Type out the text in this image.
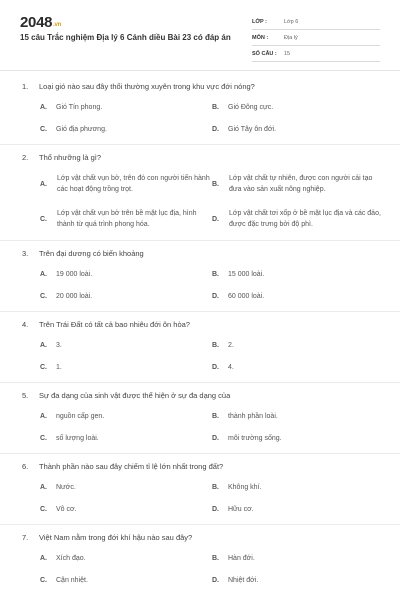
2048.vn
15 câu Trắc nghiệm Địa lý 6 Cánh diều Bài 23 có đáp án
LỚP :	Lớp 6
MÔN :	Địa lý
SỐ CÂU :	15
1. Loại gió nào sau đây thổi thường xuyên trong khu vực đới nóng?
A. Gió Tín phong.	B. Gió Đông cực.
C. Gió địa phương.	D. Gió Tây ôn đới.
2. Thổ nhưỡng là gì?
A.
Lớp vật chất vụn bở, trên đó con người tiến hành các hoạt động trồng trọt.
B.
Lớp vật chất tự nhiên, được con người cải tạo đưa vào sản xuất nông nghiệp.
C.
Lớp vật chất vụn bở trên bề mặt lục địa, hình thành từ quá trình phong hóa.
D.
Lớp vật chất tơi xốp ở bề mặt lục địa và các đảo, được đặc trưng bởi độ phì.
3. Trên đại dương có biến khoảng
A. 19 000 loài.	B. 15 000 loài.
C. 20 000 loài.	D. 60 000 loài.
4. Trên Trái Đất có tất cả bao nhiêu đới ôn hòa?
A. 3.	B. 2.
C. 1.	D. 4.
5. Sự đa dạng của sinh vật được thể hiện ở sự đa dạng của
A. nguồn cấp gen.	B. thành phần loài.
C. số lượng loài.	D. môi trường sống.
6. Thành phần nào sau đây chiếm tỉ lệ lớn nhất trong đất?
A. Nước.	B. Không khí.
C. Vô cơ.	D. Hữu cơ.
7. Việt Nam nằm trong đới khí hậu nào sau đây?
A. Xích đạo.	B. Hàn đới.
C. Cận nhiệt.	D. Nhiệt đới.
